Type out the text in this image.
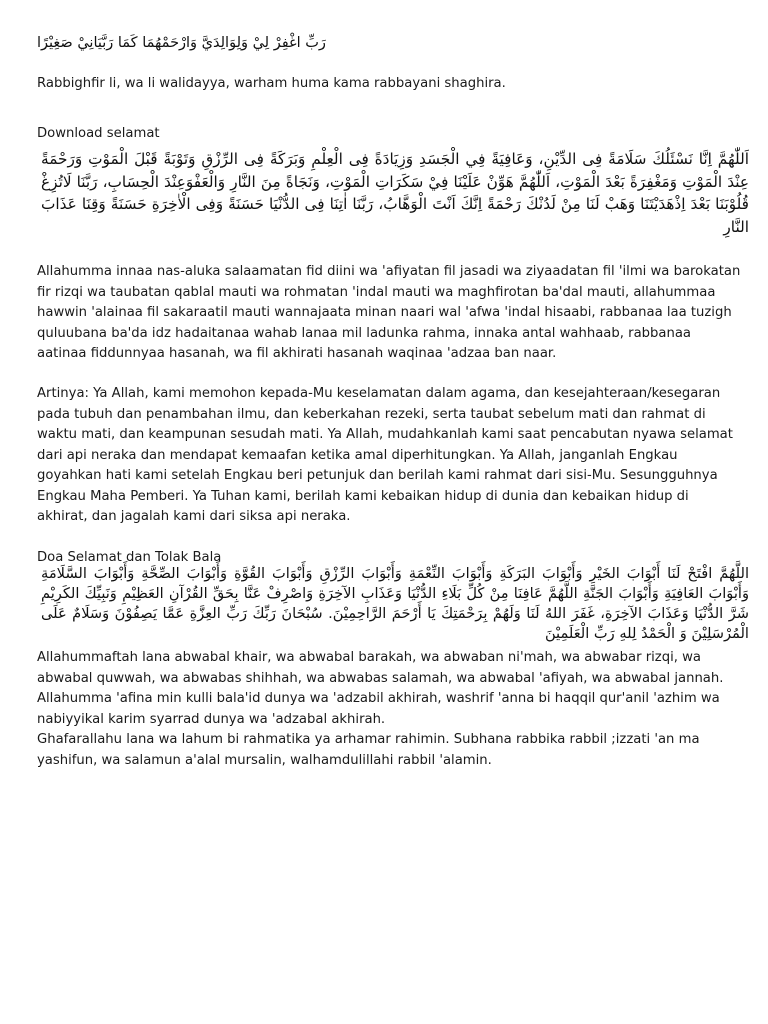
رَبِّ اغْفِرْ لِيْ وَلِوَالِدَيَّ وَارْحَمْهُمَا كَمَا رَبَّيَانِيْ صَغِيْرًا

Rabbighfir li, wa li walidayya, warham huma kama rabbayani shaghira.

Download selamat

اَللّٰهُمَّ اِنَّا نَسْئَلُكَ سَلَامَةً فِى الدِّيْنِ، وَعَافِيَةً فِي الْجَسَدِ وَزِيَادَةً فِى الْعِلْمِ وَبَرَكَةً فِى الرِّزْقِ وَتَوْبَةً قَبْلَ الْمَوْتِ وَرَحْمَةً عِنْدَ الْمَوْتِ وَمَغْفِرَةً بَعْدَ الْمَوْتِ، اَللّٰهُمَّ هَوِّنْ عَلَيْنَا فِيْ سَكَرَاتِ الْمَوْتِ، وَنَجَاةً مِنَ النَّارِ وَالْعَفْوَعِنْدَ الْحِسَابِ، رَبَّنَا لَاتُزِغْ قُلُوْبَنَا بَعْدَ اِذْهَدَيْتَنَا وَهَبْ لَنَا مِنْ لَدُنْكَ رَحْمَةً اِنَّكَ اَنْتَ الْوَهَّابُ، رَبَّنَا اٰتِنَا فِى الدُّنْيَا حَسَنَةً وَفِى الْاٰخِرَةِ حَسَنَةً وَقِنَا عَذَابَ النَّارِ

Allahumma innaa nas-aluka salaamatan fid diini wa 'afiyatan fil jasadi wa ziyaadatan fil 'ilmi wa barokatan fir rizqi wa taubatan qablal mauti wa rohmatan 'indal mauti wa maghfirotan ba'dal mauti, allahummaa hawwin 'alainaa fil sakaraatil mauti wannajaata minan naari wal 'afwa 'indal hisaabi, rabbanaa laa tuzigh quluubana ba'da idz hadaitanaa wahab lanaa mil ladunka rahma, innaka antal wahhaab, rabbanaa aatinaa fiddunnyaa hasanah, wa fil akhirati hasanah waqinaa 'adzaa ban naar.

Artinya: Ya Allah, kami memohon kepada-Mu keselamatan dalam agama, dan kesejahteraan/kesegaran pada tubuh dan penambahan ilmu, dan keberkahan rezeki, serta taubat sebelum mati dan rahmat di waktu mati, dan keampunan sesudah mati. Ya Allah, mudahkanlah kami saat pencabutan nyawa selamat dari api neraka dan mendapat kemaafan ketika amal diperhitungkan. Ya Allah, janganlah Engkau goyahkan hati kami setelah Engkau beri petunjuk dan berilah kami rahmat dari sisi-Mu. Sesungguhnya Engkau Maha Pemberi. Ya Tuhan kami, berilah kami kebaikan hidup di dunia dan kebaikan hidup di akhirat, dan jagalah kami dari siksa api neraka.

Doa Selamat dan Tolak Bala

اللَّهُمَّ افْتَحْ لَنَا أَبْوَابَ الخَيْرِ وَأَبْوَابَ البَرَكَةِ وَأَبْوَابَ النِّعْمَةِ وَأَبْوَابَ الرِّزْقِ وَأَبْوَابَ القُوَّةِ وَأَبْوَابَ الصِّحَّةِ وَأَبْوَابَ السَّلَامَةِ وَأَبْوَابَ العَافِيَةِ وَأَبْوَابَ الجَنَّةِ اللَّهُمَّ عَافِنَا مِنْ كُلِّ بَلَاءِ الدُّنْيَا وَعَذَابِ الآخِرَةِ وَاصْرِفْ عَنَّا بِحَقِّ القُرْآنِ العَظِيْمِ وَنَبِيِّكَ الكَرِيْمِ شَرَّ الدُّنْيَا وَعَذَابَ الآخِرَةِ، غَفَرَ اللهُ لَنَا وَلَهُمْ بِرَحْمَتِكَ يَا أَرْحَمَ الرَّاحِمِيْنَ. سُبْحَانَ رَبِّكَ رَبِّ العِزَّةِ عَمَّا يَصِفُوْنَ وَسَلَامٌ عَلَى الْمُرْسَلِيْنَ وَ الْحَمْدُ لِلهِ رَبِّ الْعَلَمِيْنَ

Allahummaftah lana abwabal khair, wa abwabal barakah, wa abwaban ni'mah, wa abwabar rizqi, wa abwabal quwwah, wa abwabas shihhah, wa abwabas salamah, wa abwabal 'afiyah, wa abwabal jannah.

Allahumma 'afina min kulli bala'id dunya wa 'adzabil akhirah, washrif 'anna bi haqqil qur'anil 'azhim wa nabiyyikal karim syarrad dunya wa 'adzabal akhirah.

Ghafarallahu lana wa lahum bi rahmatika ya arhamar rahimin. Subhana rabbika rabbil ;izzati 'an ma yashifun, wa salamun a'alal mursalin, walhamdulillahi rabbil 'alamin.
